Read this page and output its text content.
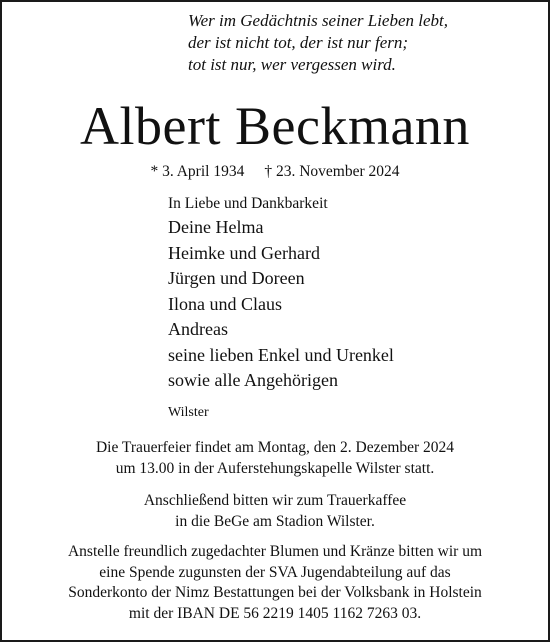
Wer im Gedächtnis seiner Lieben lebt,
der ist nicht tot, der ist nur fern;
tot ist nur, wer vergessen wird.
Albert Beckmann
* 3. April 1934 † 23. November 2024
In Liebe und Dankbarkeit
Deine Helma
Heimke und Gerhard
Jürgen und Doreen
Ilona und Claus
Andreas
seine lieben Enkel und Urenkel
sowie alle Angehörigen
Wilster
Die Trauerfeier findet am Montag, den 2. Dezember 2024
um 13.00 in der Auferstehungskapelle Wilster statt.
Anschließend bitten wir zum Trauerkaffee
in die BeGe am Stadion Wilster.
Anstelle freundlich zugedachter Blumen und Kränze bitten wir um
eine Spende zugunsten der SVA Jugendabteilung auf das
Sonderkonto der Nimz Bestattungen bei der Volksbank in Holstein
mit der IBAN DE 56 2219 1405 1162 7263 03.
